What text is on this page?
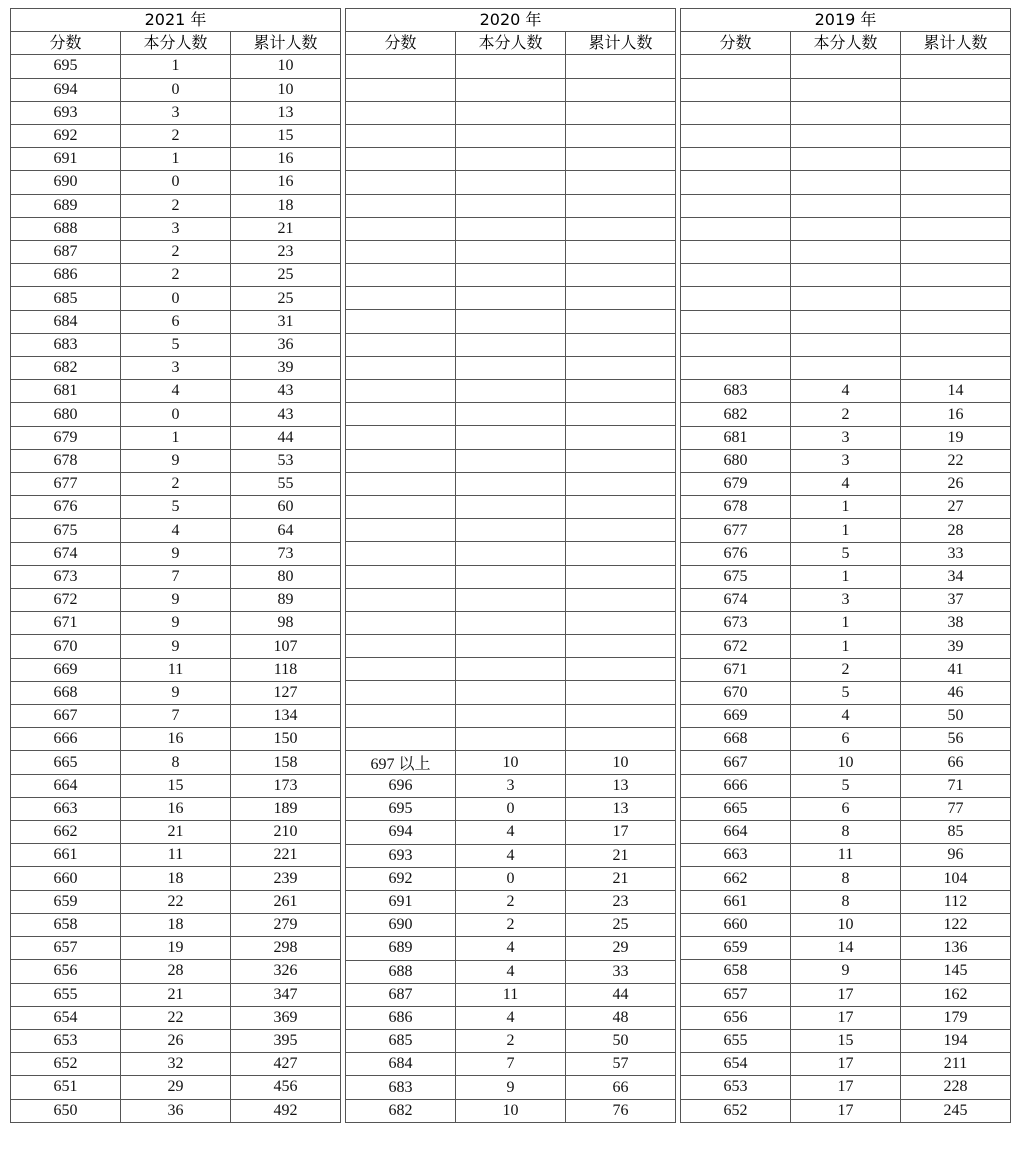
2021 年		
分数	本分人数	累计人数
695	1	10
694	0	10
693	3	13
692	2	15
691	1	16
690	0	16
689	2	18
688	3	21
687	2	23
686	2	25
685	0	25
684	6	31
683	5	36
682	3	39
681	4	43
680	0	43
679	1	44
678	9	53
677	2	55
676	5	60
675	4	64
674	9	73
673	7	80
672	9	89
671	9	98
670	9	107
669	11	118
668	9	127
667	7	134
666	16	150
665	8	158
664	15	173
663	16	189
662	21	210
661	11	221
660	18	239
659	22	261
658	18	279
657	19	298
656	28	326
655	21	347
654	22	369
653	26	395
652	32	427
651	29	456
650	36	492
2020 年		
分数	本分人数	累计人数

697 以上	10	10
696	3	13
695	0	13
694	4	17
693	4	21
692	0	21
691	2	23
690	2	25
689	4	29
688	4	33
687	11	44
686	4	48
685	2	50
684	7	57
683	9	66
682	10	76
2019 年		
分数	本分人数	累计人数

683	4	14
682	2	16
681	3	19
680	3	22
679	4	26
678	1	27
677	1	28
676	5	33
675	1	34
674	3	37
673	1	38
672	1	39
671	2	41
670	5	46
669	4	50
668	6	56
667	10	66
666	5	71
665	6	77
664	8	85
663	11	96
662	8	104
661	8	112
660	10	122
659	14	136
658	9	145
657	17	162
656	17	179
655	15	194
654	17	211
653	17	228
652	17	245
